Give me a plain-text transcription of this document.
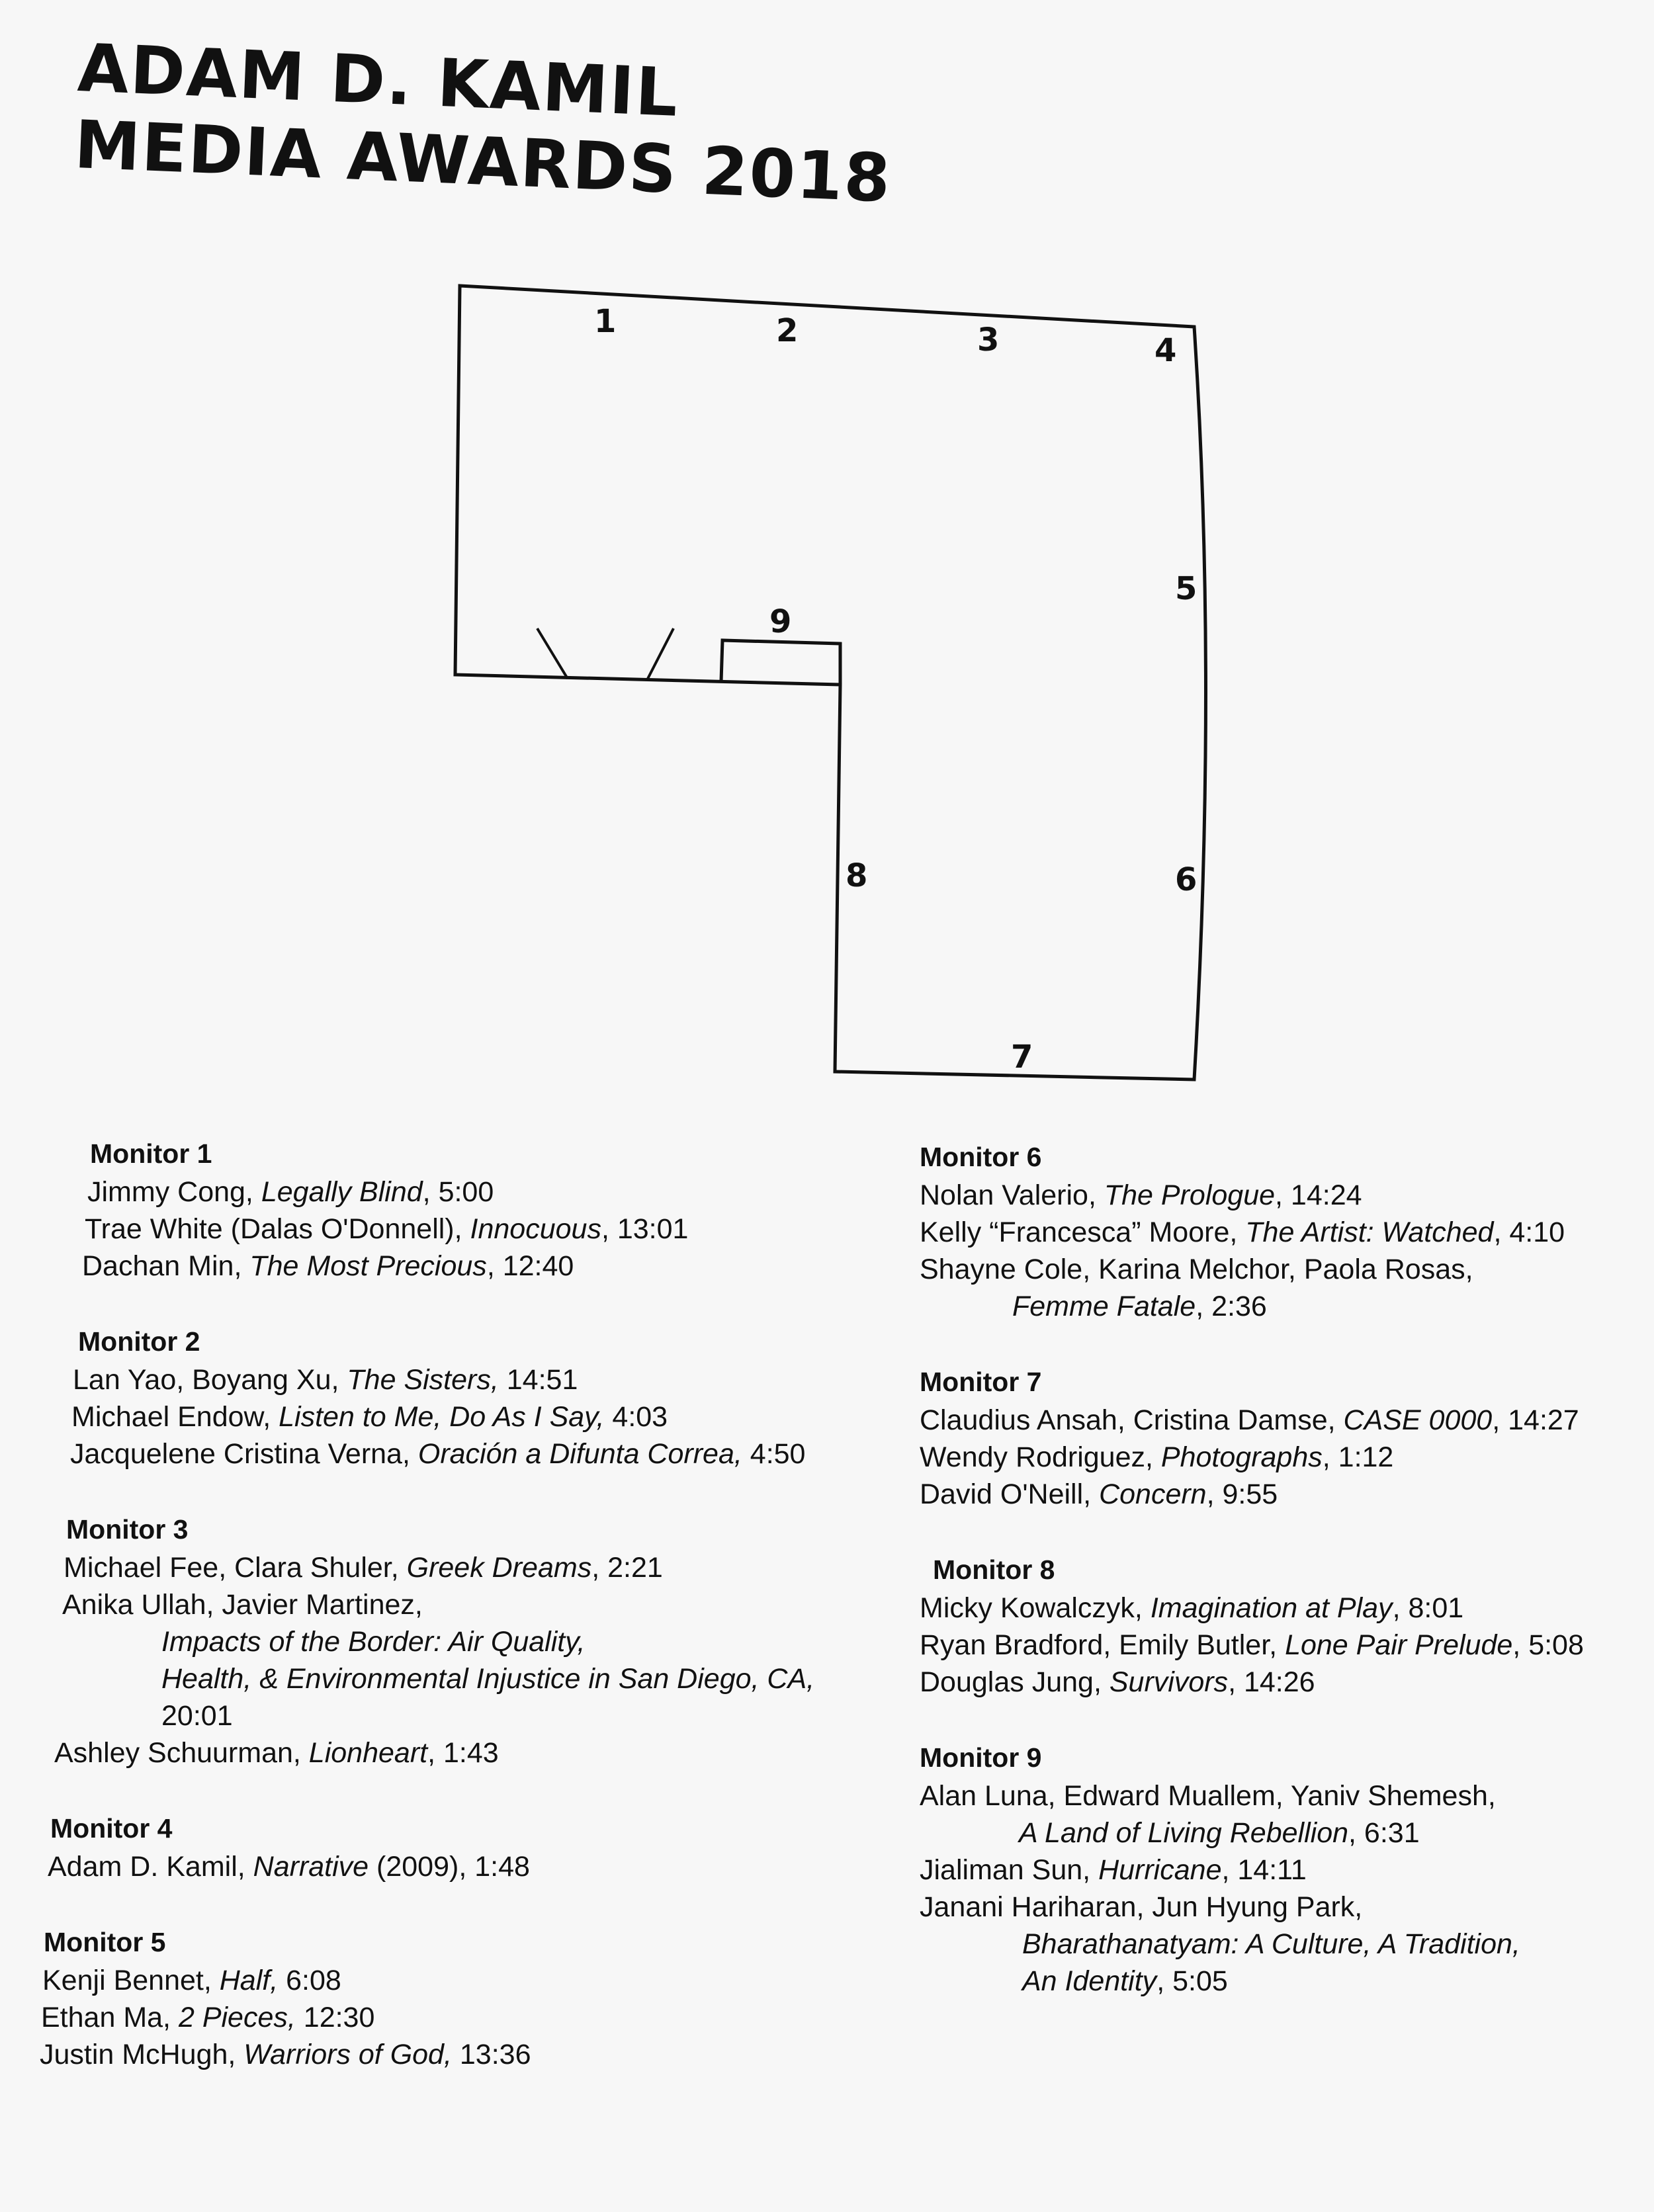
ADAM D. KAMIL
MEDIA AWARDS 2018
1	2	3	4
5
6
7
8
9
Monitor 1
Jimmy Cong, Legally Blind, 5:00
Trae White (Dalas O'Donnell), Innocuous, 13:01
Dachan Min, The Most Precious, 12:40
Monitor 2
Lan Yao, Boyang Xu, The Sisters, 14:51
Michael Endow, Listen to Me, Do As I Say, 4:03
Jacquelene Cristina Verna, Oración a Difunta Correa, 4:50
Monitor 3
Michael Fee, Clara Shuler, Greek Dreams, 2:21
Anika Ullah, Javier Martinez,
Impacts of the Border: Air Quality,
Health, & Environmental Injustice in San Diego, CA,
20:01
Ashley Schuurman, Lionheart, 1:43
Monitor 4
Adam D. Kamil, Narrative (2009), 1:48
Monitor 5
Kenji Bennet, Half, 6:08
Ethan Ma, 2 Pieces, 12:30
Justin McHugh, Warriors of God, 13:36
Monitor 6
Nolan Valerio, The Prologue, 14:24
Kelly “Francesca” Moore, The Artist: Watched, 4:10
Shayne Cole, Karina Melchor, Paola Rosas,
Femme Fatale, 2:36
Monitor 7
Claudius Ansah, Cristina Damse, CASE 0000, 14:27
Wendy Rodriguez, Photographs, 1:12
David O'Neill, Concern, 9:55
Monitor 8
Micky Kowalczyk, Imagination at Play, 8:01
Ryan Bradford, Emily Butler, Lone Pair Prelude, 5:08
Douglas Jung, Survivors, 14:26
Monitor 9
Alan Luna, Edward Muallem, Yaniv Shemesh,
A Land of Living Rebellion, 6:31
Jialiman Sun, Hurricane, 14:11
Janani Hariharan, Jun Hyung Park,
Bharathanatyam: A Culture, A Tradition,
An Identity, 5:05
